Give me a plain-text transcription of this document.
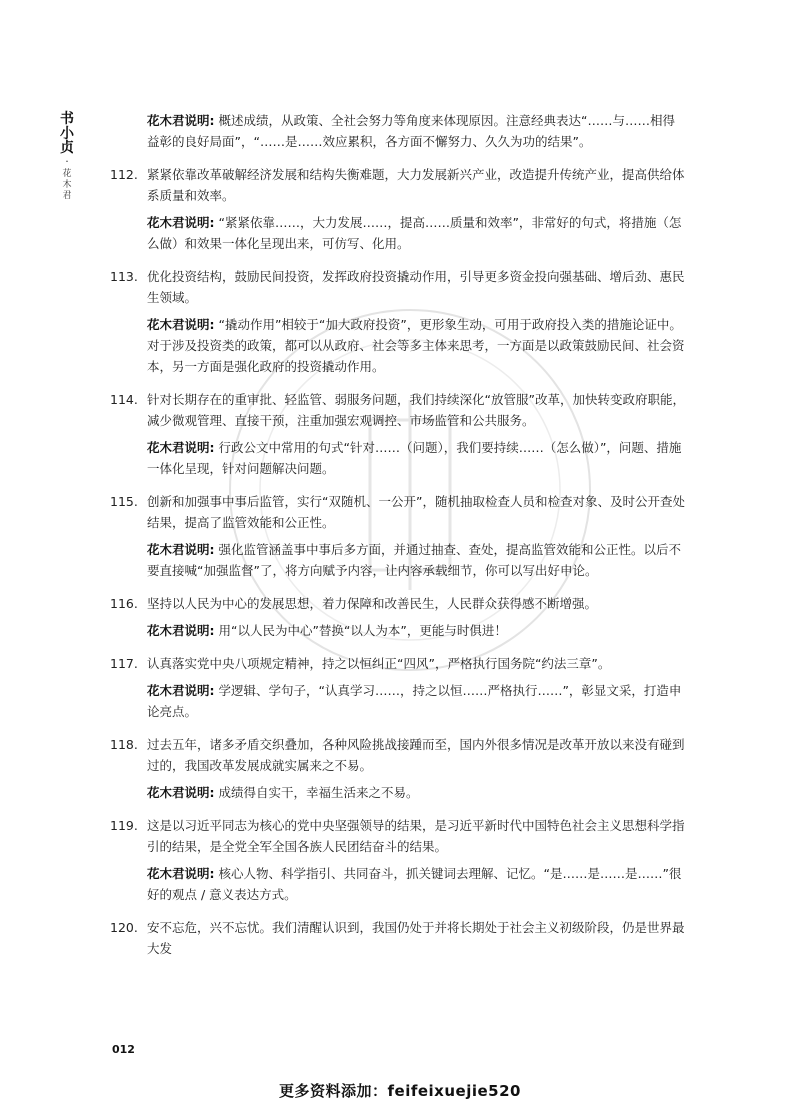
书
小
贞
·
花
木
君

花木君说明: 概述成绩，从政策、全社会努力等角度来体现原因。注意经典表达“……与……相得益彰的良好局面”，“……是……效应累积，各方面不懈努力、久久为功的结果”。

112. 紧紧依靠改革破解经济发展和结构失衡难题，大力发展新兴产业，改造提升传统产业，提高供给体系质量和效率。

花木君说明: “紧紧依靠……，大力发展……，提高……质量和效率”，非常好的句式，将措施（怎么做）和效果一体化呈现出来，可仿写、化用。

113. 优化投资结构，鼓励民间投资，发挥政府投资撬动作用，引导更多资金投向强基础、增后劲、惠民生领域。

花木君说明: “撬动作用”相较于“加大政府投资”，更形象生动，可用于政府投入类的措施论证中。对于涉及投资类的政策，都可以从政府、社会等多主体来思考，一方面是以政策鼓励民间、社会资本，另一方面是强化政府的投资撬动作用。

114. 针对长期存在的重审批、轻监管、弱服务问题，我们持续深化“放管服”改革，加快转变政府职能，减少微观管理、直接干预，注重加强宏观调控、市场监管和公共服务。

花木君说明: 行政公文中常用的句式“针对……（问题），我们要持续……（怎么做）”，问题、措施一体化呈现，针对问题解决问题。

115. 创新和加强事中事后监管，实行“双随机、一公开”，随机抽取检查人员和检查对象、及时公开查处结果，提高了监管效能和公正性。

花木君说明: 强化监管涵盖事中事后多方面，并通过抽查、查处，提高监管效能和公正性。以后不要直接喊“加强监督”了，将方向赋予内容，让内容承载细节，你可以写出好申论。

116. 坚持以人民为中心的发展思想，着力保障和改善民生，人民群众获得感不断增强。

花木君说明: 用“以人民为中心”替换“以人为本”，更能与时俱进！

117. 认真落实党中央八项规定精神，持之以恒纠正“四风”，严格执行国务院“约法三章”。

花木君说明: 学逻辑、学句子，“认真学习……，持之以恒……严格执行……”，彰显文采，打造申论亮点。

118. 过去五年，诸多矛盾交织叠加，各种风险挑战接踵而至，国内外很多情况是改革开放以来没有碰到过的，我国改革发展成就实属来之不易。

花木君说明: 成绩得自实干，幸福生活来之不易。

119. 这是以习近平同志为核心的党中央坚强领导的结果，是习近平新时代中国特色社会主义思想科学指引的结果，是全党全军全国各族人民团结奋斗的结果。

花木君说明: 核心人物、科学指引、共同奋斗，抓关键词去理解、记忆。“是……是……是……”很好的观点 / 意义表达方式。

120. 安不忘危，兴不忘忧。我们清醒认识到，我国仍处于并将长期处于社会主义初级阶段，仍是世界最大发
012
更多资料添加：feifeixuejie520
